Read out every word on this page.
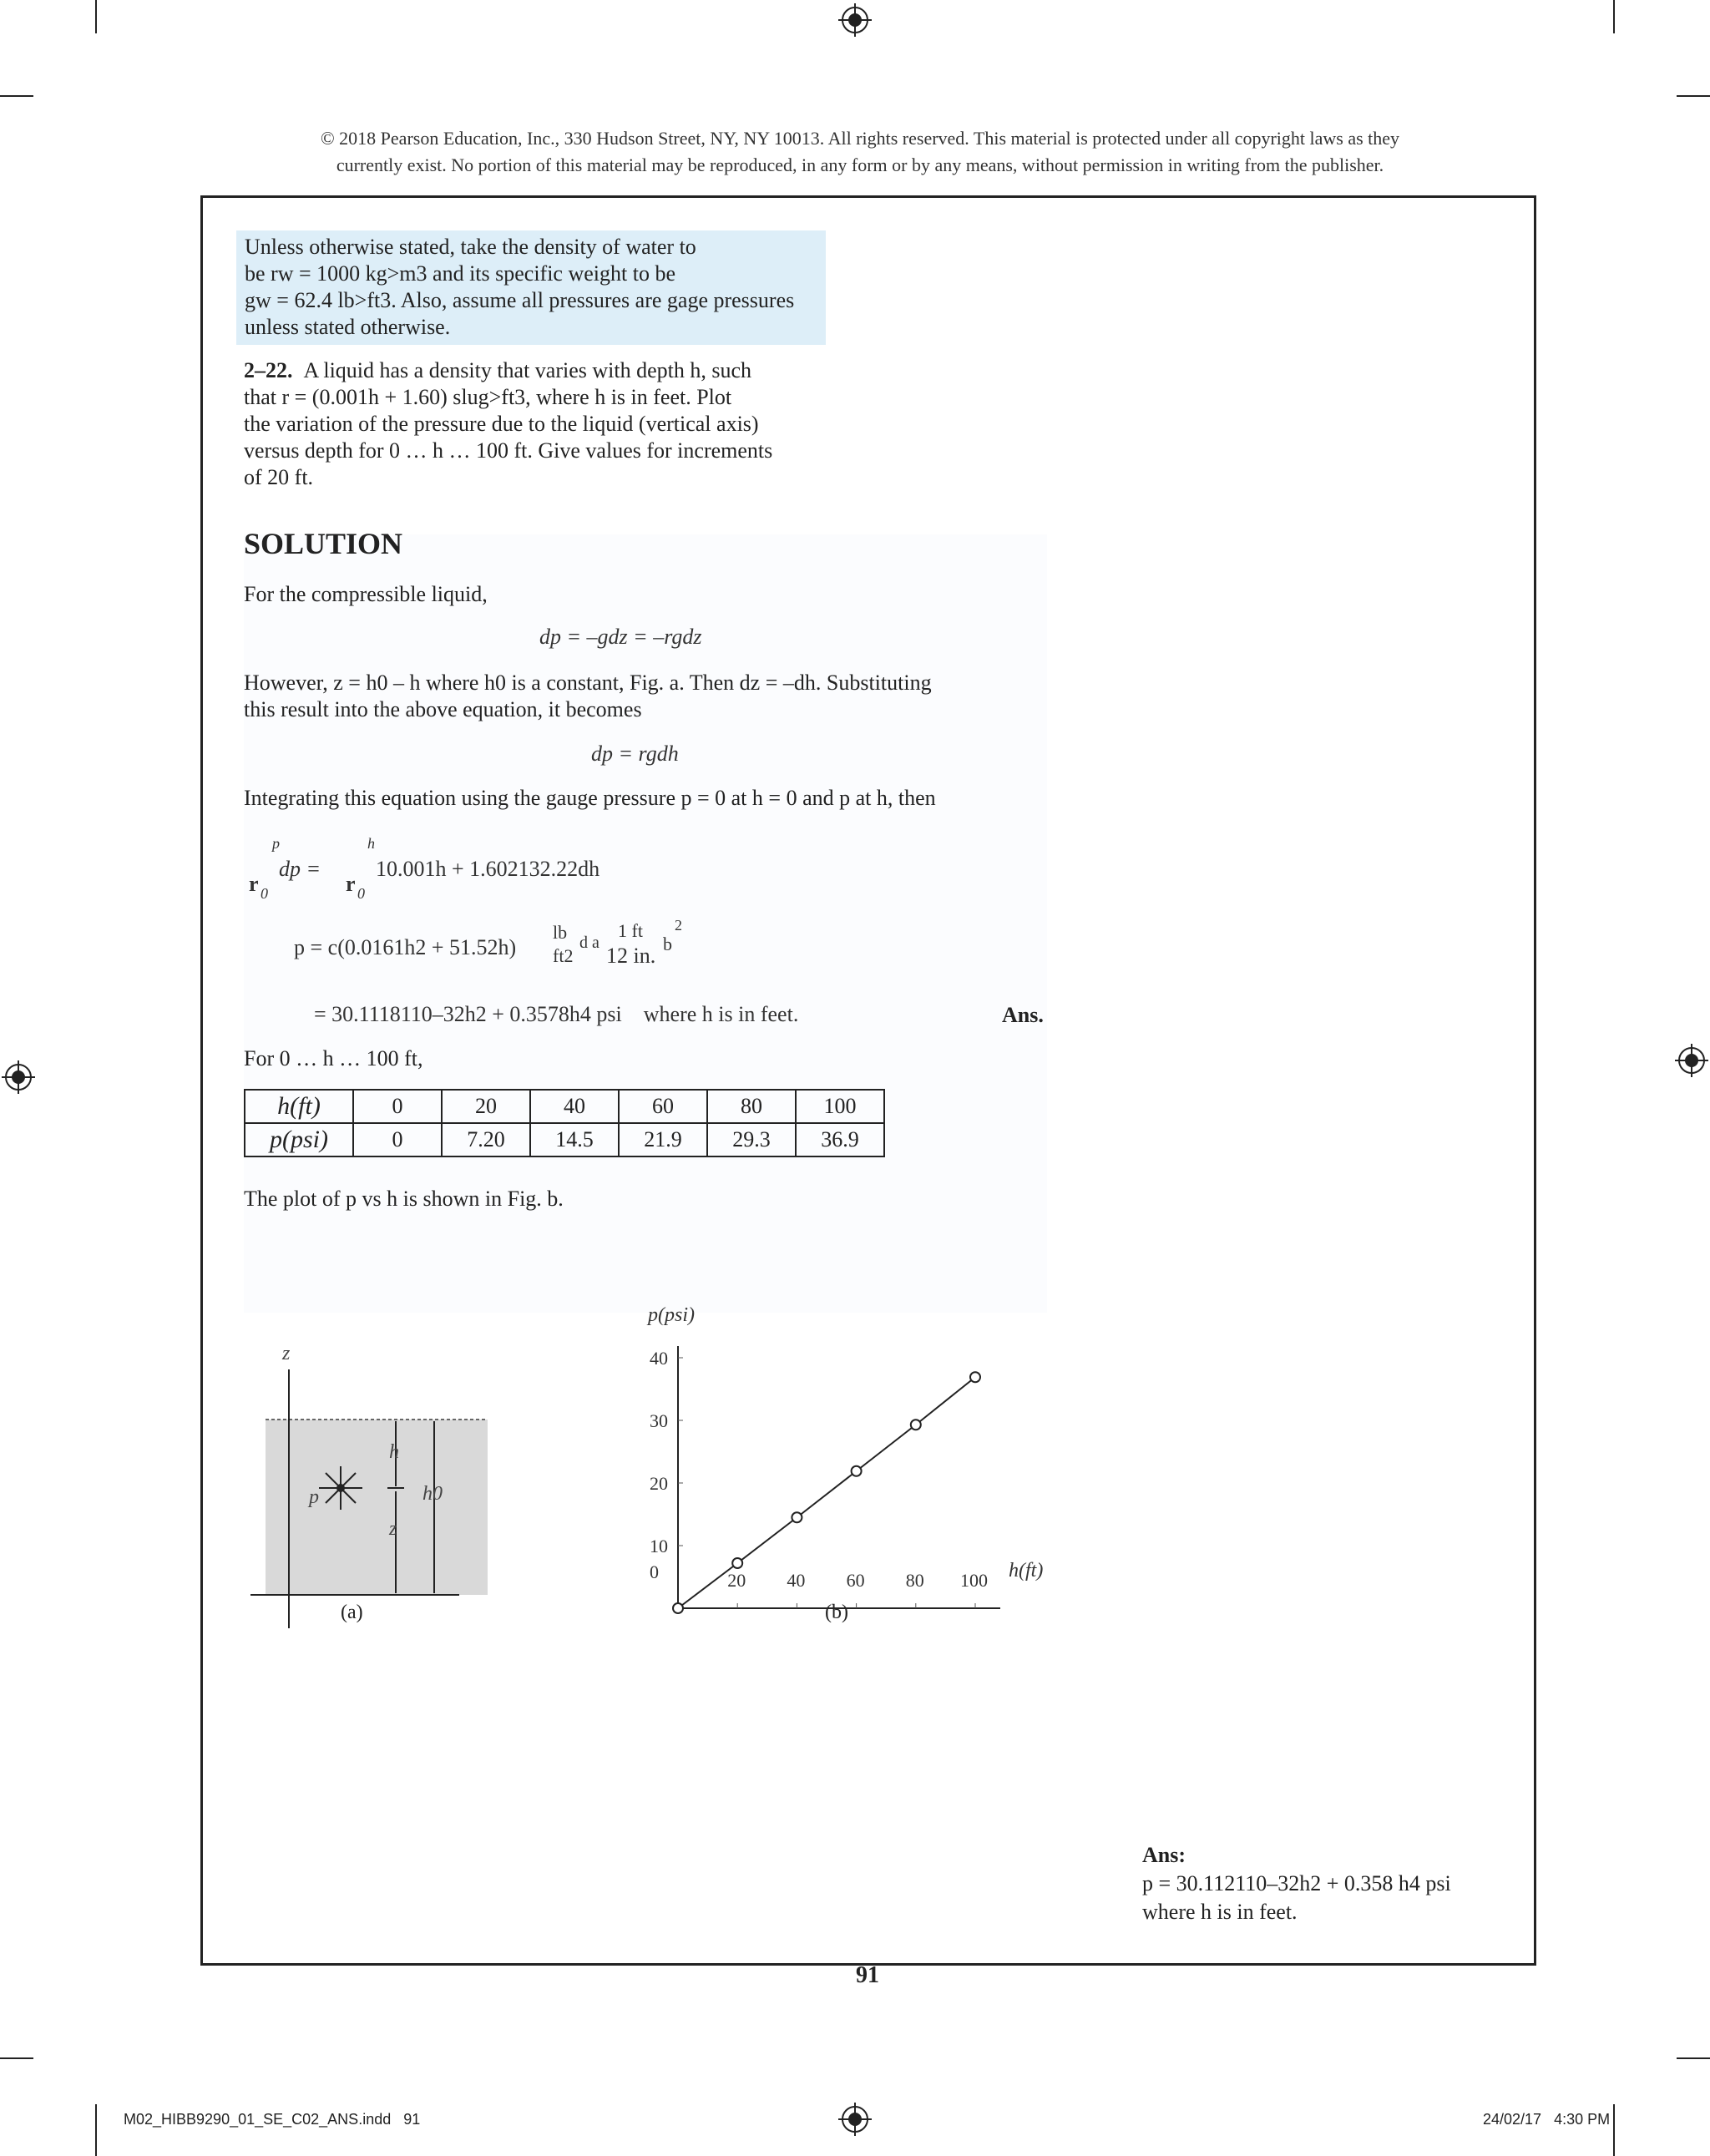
© 2018 Pearson Education, Inc., 330 Hudson Street, NY, NY 10013. All rights reserved. This material is protected under all copyright laws as they
currently exist. No portion of this material may be reproduced, in any form or by any means, without permission in writing from the publisher.
Unless otherwise stated, take the density of water to
be rw = 1000 kg>m3 and its specific weight to be
gw = 62.4 lb>ft3. Also, assume all pressures are gage pressures
unless stated otherwise.
2–22. A liquid has a density that varies with depth h, such
that r = (0.001h + 1.60) slug>ft3, where h is in feet. Plot
the variation of the pressure due to the liquid (vertical axis)
versus depth for 0 … h … 100 ft. Give values for increments
of 20 ft.
SOLUTION
For the compressible liquid,
dp = –gdz = –rgdz
However, z = h0 – h where h0 is a constant, Fig. a. Then dz = –dh. Substituting
this result into the above equation, it becomes
dp = rgdh
Integrating this equation using the gauge pressure p = 0 at h = 0 and p at h, then
p	h
r 0
dp =
r 0
10.001h + 1.602132.22dh
p = c(0.0161h2 + 51.52h)
lb
ft2
d a
1 ft
12 in. b
2
= 30.1118110–32h2 + 0.3578h4 psi    where h is in feet.	Ans.
For 0 … h … 100 ft,
h(ft)	0	20	40	60	80	100
p(psi)	0	7.20	14.5	21.9	29.3	36.9
The plot of p vs h is shown in Fig. b.
z
h
p
z
h0
(a)
0
10
20
30
40
20 40 60 80 100
p(psi)
h(ft)
(b)
Ans:
p = 30.112110–32h2 + 0.358 h4 psi
where h is in feet.
91
M02_HIBB9290_01_SE_C02_ANS.indd   91	24/02/17   4:30 PM
